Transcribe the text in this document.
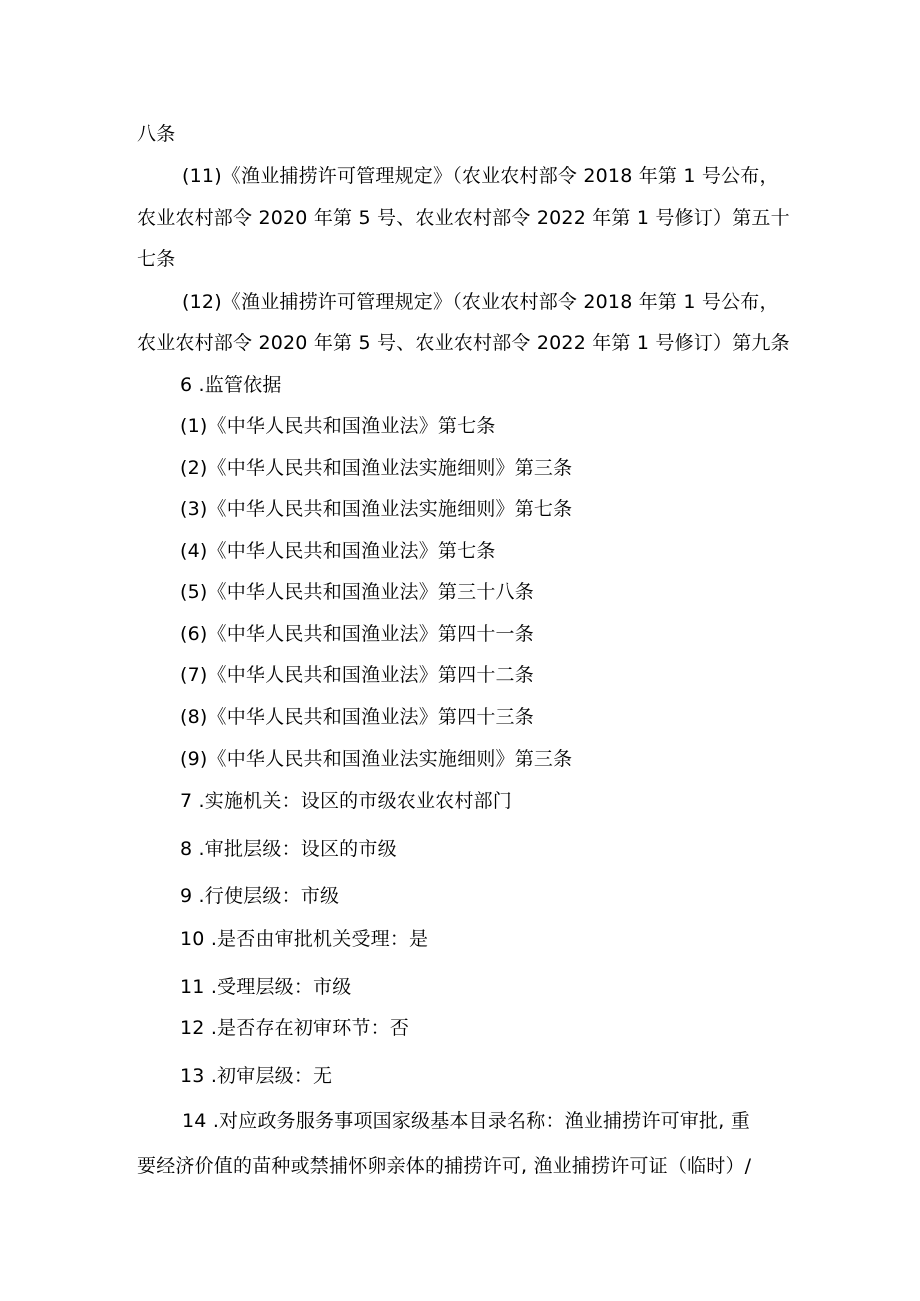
八条
(11)《渔业捕捞许可管理规定》（农业农村部令 2018 年第 1 号公布，
农业农村部令 2020 年第 5 号、农业农村部令 2022 年第 1 号修订）第五十
七条
(12)《渔业捕捞许可管理规定》（农业农村部令 2018 年第 1 号公布，
农业农村部令 2020 年第 5 号、农业农村部令 2022 年第 1 号修订）第九条
6 .监管依据
(1)《中华人民共和国渔业法》第七条
(2)《中华人民共和国渔业法实施细则》第三条
(3)《中华人民共和国渔业法实施细则》第七条
(4)《中华人民共和国渔业法》第七条
(5)《中华人民共和国渔业法》第三十八条
(6)《中华人民共和国渔业法》第四十一条
(7)《中华人民共和国渔业法》第四十二条
(8)《中华人民共和国渔业法》第四十三条
(9)《中华人民共和国渔业法实施细则》第三条
7 .实施机关：设区的市级农业农村部门
8 .审批层级：设区的市级
9 .行使层级：市级
10 .是否由审批机关受理：是
11 .受理层级：市级
12 .是否存在初审环节：否
13 .初审层级：无
14 .对应政务服务事项国家级基本目录名称：渔业捕捞许可审批, 重
要经济价值的苗种或禁捕怀卵亲体的捕捞许可, 渔业捕捞许可证（临时）/
